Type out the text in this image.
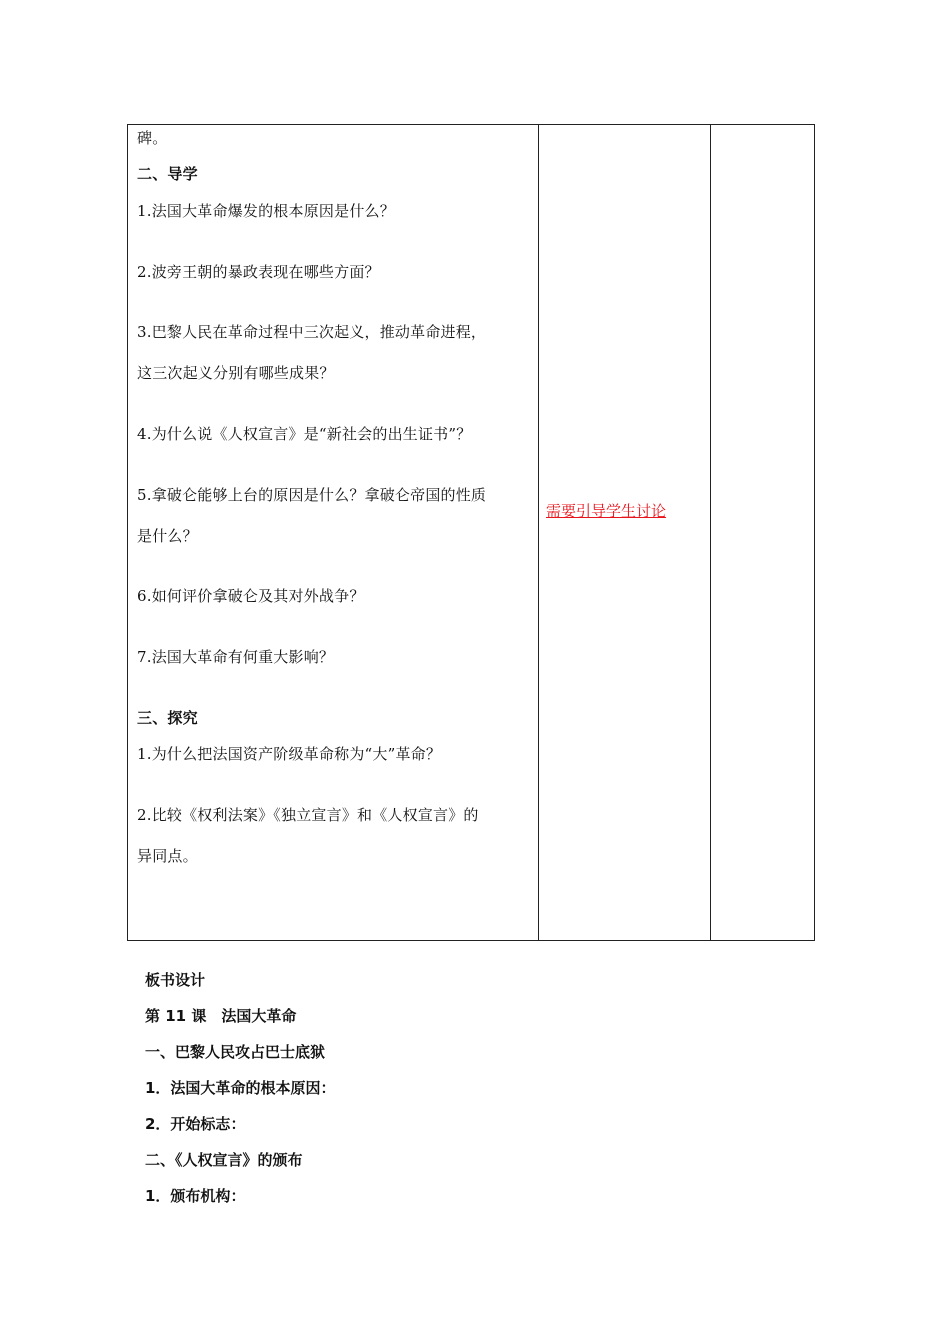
碑。
二、导学
1.法国大革命爆发的根本原因是什么？
2.波旁王朝的暴政表现在哪些方面？
3.巴黎人民在革命过程中三次起义，推动革命进程，
这三次起义分别有哪些成果？
4.为什么说《人权宣言》是“新社会的出生证书”？
5.拿破仑能够上台的原因是什么？拿破仑帝国的性质
是什么？
6.如何评价拿破仑及其对外战争？
7.法国大革命有何重大影响？
三、探究
1.为什么把法国资产阶级革命称为“大”革命？
2.比较《权利法案》《独立宣言》和《人权宣言》的
异同点。
需要引导学生讨论
板书设计
第 11 课　法国大革命
一、巴黎人民攻占巴士底狱
1．法国大革命的根本原因：
2．开始标志：
二、《人权宣言》的颁布
1．颁布机构：
